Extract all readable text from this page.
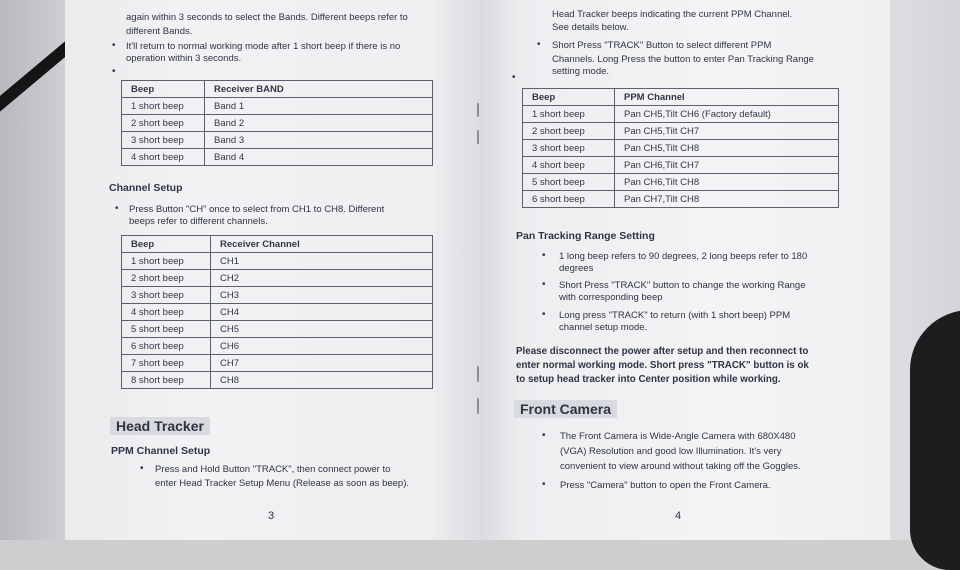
again within 3 seconds to select the Bands. Different beeps refer to
different Bands.
• It'll return to normal working mode after 1 short beep if there is no
operation within 3 seconds.
•
Beep	Receiver BAND
1 short beep	Band 1
2 short beep	Band 2
3 short beep	Band 3
4 short beep	Band 4
Channel Setup
• Press Button "CH" once to select from CH1 to CH8. Different
beeps refer to different channels.
Beep	Receiver Channel
1 short beep	CH1
2 short beep	CH2
3 short beep	CH3
4 short beep	CH4
5 short beep	CH5
6 short beep	CH6
7 short beep	CH7
8 short beep	CH8
Head Tracker
PPM Channel Setup
• Press and Hold Button "TRACK", then connect power to
enter Head Tracker Setup Menu (Release as soon as beep).
3
Head Tracker beeps indicating the current PPM Channel.
See details below.
• Short Press "TRACK" Button to select different PPM
Channels. Long Press the button to enter Pan Tracking Range
setting mode.
•
Beep	PPM Channel
1 short beep	Pan CH5,Tilt CH6 (Factory default)
2 short beep	Pan CH5,Tilt CH7
3 short beep	Pan CH5,Tilt CH8
4 short beep	Pan CH6,Tilt CH7
5 short beep	Pan CH6,Tilt CH8
6 short beep	Pan CH7,Tilt CH8
Pan Tracking Range Setting
• 1 long beep refers to 90 degrees, 2 long beeps refer to 180
degrees
• Short Press "TRACK" button to change the working Range
with corresponding beep
• Long press "TRACK" to return (with 1 short beep) PPM
channel setup mode.
Please disconnect the power after setup and then reconnect to
enter normal working mode. Short press "TRACK" button is ok
to setup head tracker into Center position while working.
Front Camera
• The Front Camera is Wide-Angle Camera with 680X480
(VGA) Resolution and good low Illumination. It's very
convenient to view around without taking off the Goggles.
• Press "Camera" button to open the Front Camera.
4
